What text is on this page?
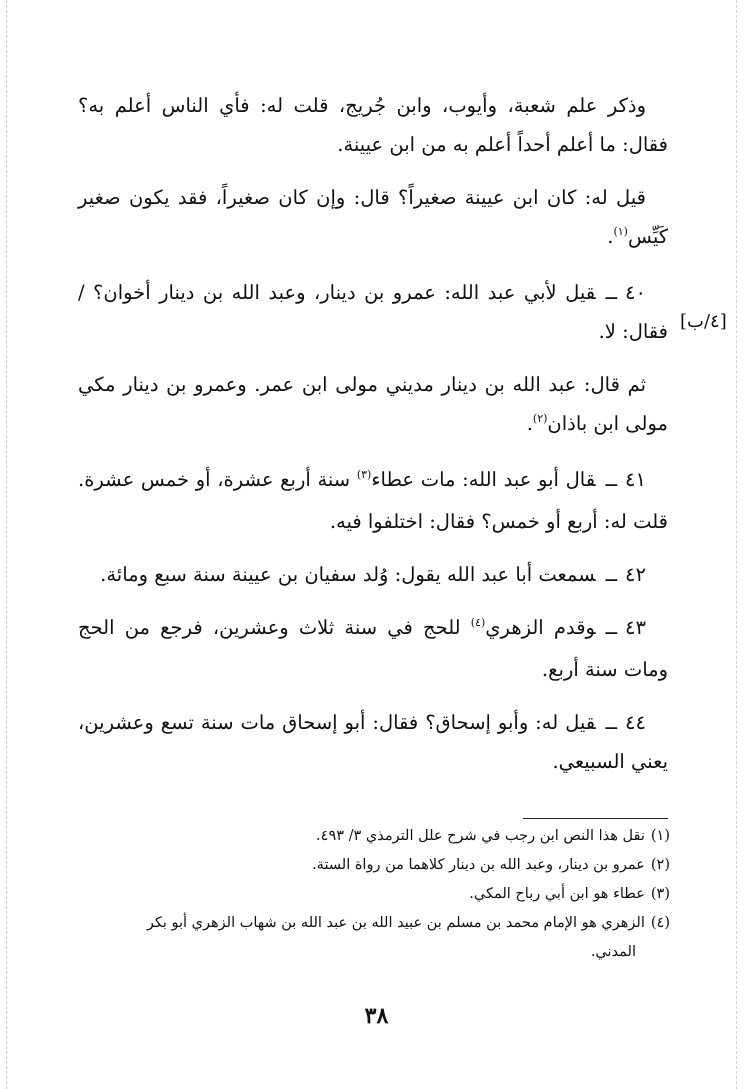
وذكر علم شعبة، وأيوب، وابن جُريج، قلت له: فأي الناس أعلم به؟ فقال: ما أعلم أحداً أعلم به من ابن عيينة.

قيل له: كان ابن عيينة صغيراً؟ قال: وإن كان صغيراً، فقد يكون صغير كَيِّس$^{(١)}$.

٤٠ــقيل لأبي عبد الله: عمرو بن دينار، وعبد الله بن دينار أخوان؟ / فقال: لا.

ثم قال: عبد الله بن دينار مديني مولى ابن عمر. وعمرو بن دينار مكي مولى ابن باذان$^{(٢)}$.

٤١ــقال أبو عبد الله: مات عطاء$^{(٣)}$ سنة أربع عشرة، أو خمس عشرة. قلت له: أربع أو خمس؟ فقال: اختلفوا فيه.

٤٢ــسمعت أبا عبد الله يقول: وُلد سفيان بن عيينة سنة سبع ومائة.

٤٣ــوقدم الزهري$^{(٤)}$ للحج في سنة ثلاث وعشرين، فرجع من الحج ومات سنة أربع.

٤٤ــقيل له: وأبو إسحاق؟ فقال: أبو إسحاق مات سنة تسع وعشرين، يعني السبيعي.

[٤/ب]

(١)نقل هذا النص ابن رجب في شرح علل الترمذي ٣/ ٤٩٣.

(٢)عمرو بن دينار، وعبد الله بن دينار كلاهما من رواة الستة.

(٣)عطاء هو ابن أبي رباح المكي.

(٤)الزهري هو الإمام محمد بن مسلم بن عبيد الله بن عبد الله بن شهاب الزهري أبو بكر

المدني.

٣٨
